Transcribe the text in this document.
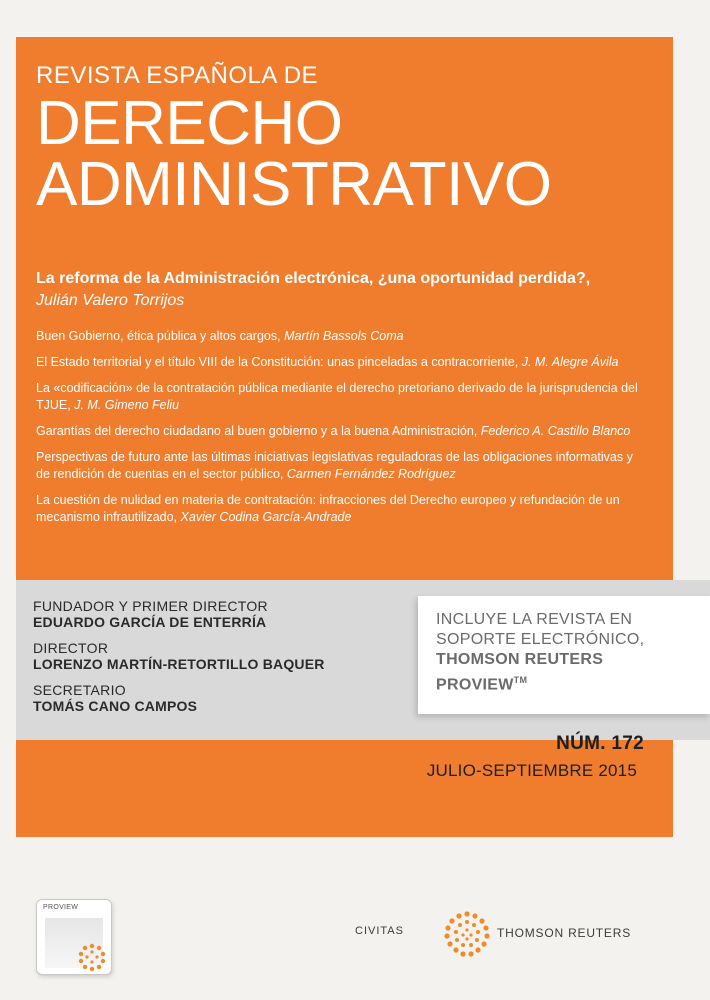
REVISTA ESPAÑOLA DE
DERECHO
ADMINISTRATIVO
La reforma de la Administración electrónica, ¿una oportunidad perdida?, Julián Valero Torrijos
Buen Gobierno, ética pública y altos cargos, Martín Bassols Coma
El Estado territorial y el título VIII de la Constitución: unas pinceladas a contracorriente, J. M. Alegre Ávila
La «codificación» de la contratación pública mediante el derecho pretoriano derivado de la jurisprudencia del TJUE, J. M. Gimeno Feliu
Garantías del derecho ciudadano al buen gobierno y a la buena Administración, Federico A. Castillo Blanco
Perspectivas de futuro ante las últimas iniciativas legislativas reguladoras de las obligaciones informativas y de rendición de cuentas en el sector público, Carmen Fernández Rodríguez
La cuestión de nulidad en materia de contratación: infracciones del Derecho europeo y refundación de un mecanismo infrautilizado, Xavier Codina García-Andrade
FUNDADOR Y PRIMER DIRECTOR
EDUARDO GARCÍA DE ENTERRÍA
DIRECTOR
LORENZO MARTÍN-RETORTILLO BAQUER
SECRETARIO
TOMÁS CANO CAMPOS
INCLUYE LA REVISTA EN
SOPORTE ELECTRÓNICO,
THOMSON REUTERS
PROVIEW™
NÚM. 172
JULIO-SEPTIEMBRE 2015
PROVIEW
CIVITAS	THOMSON REUTERS
